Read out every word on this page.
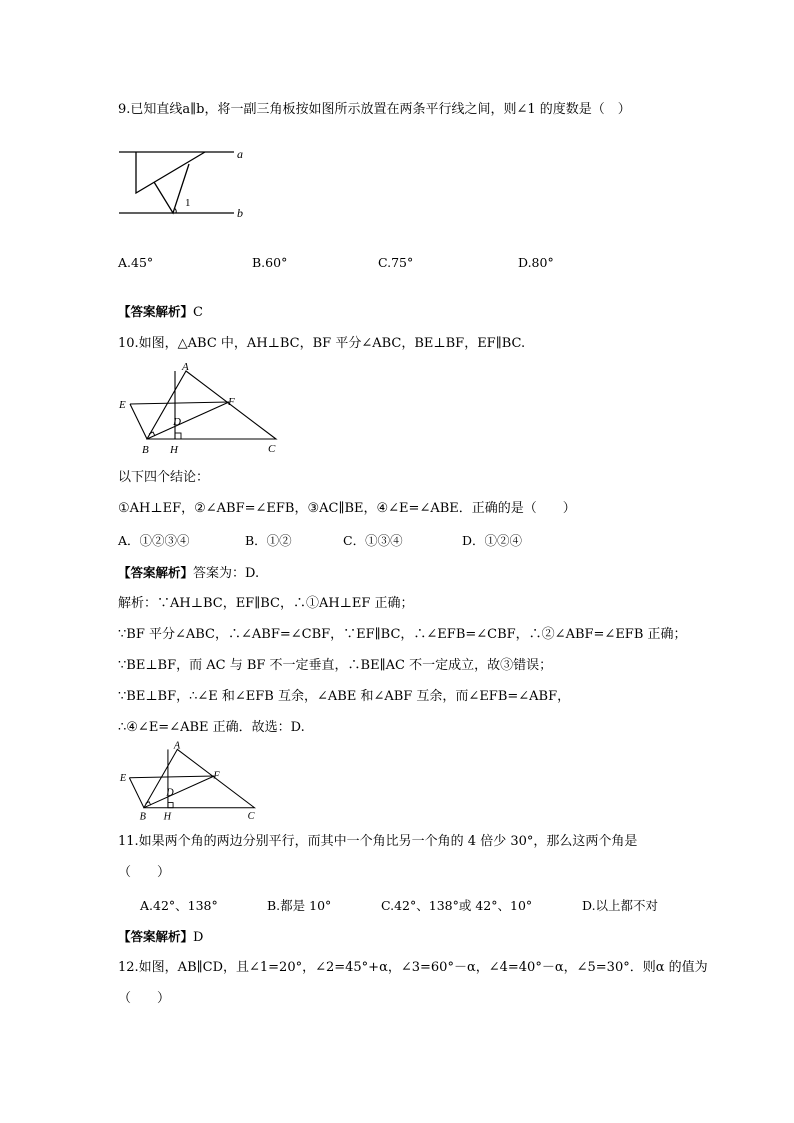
9.已知直线a∥b，将一副三角板按如图所示放置在两条平行线之间，则∠1 的度数是（　）
a
b
1
A.45°	B.60°	C.75°	D.80°
【答案解析】C
10.如图，△ABC 中，AH⊥BC，BF 平分∠ABC，BE⊥BF，EF∥BC.
A
E	F
D
B H	C
以下四个结论：
①AH⊥EF，②∠ABF=∠EFB，③AC∥BE，④∠E=∠ABE．正确的是（　　）
A．①②③④	B．①②	C．①③④	D．①②④
【答案解析】答案为：D.
解析：∵AH⊥BC，EF∥BC，∴①AH⊥EF 正确；
∵BF 平分∠ABC，∴∠ABF=∠CBF，∵EF∥BC，∴∠EFB=∠CBF，∴②∠ABF=∠EFB 正确；
∵BE⊥BF，而 AC 与 BF 不一定垂直，∴BE∥AC 不一定成立，故③错误；
∵BE⊥BF，∴∠E 和∠EFB 互余，∠ABE 和∠ABF 互余，而∠EFB=∠ABF，
∴④∠E=∠ABE 正确．故选：D.
A
E	F
D
B H	C
11.如果两个角的两边分别平行，而其中一个角比另一个角的 4 倍少 30°，那么这两个角是
（　　）
A.42°、138°	B.都是 10°	C.42°、138°或 42°、10°	D.以上都不对
【答案解析】D
12.如图，AB∥CD，且∠1=20°，∠2=45°+α，∠3=60°－α，∠4=40°－α，∠5=30°．则α 的值为
（　　）
